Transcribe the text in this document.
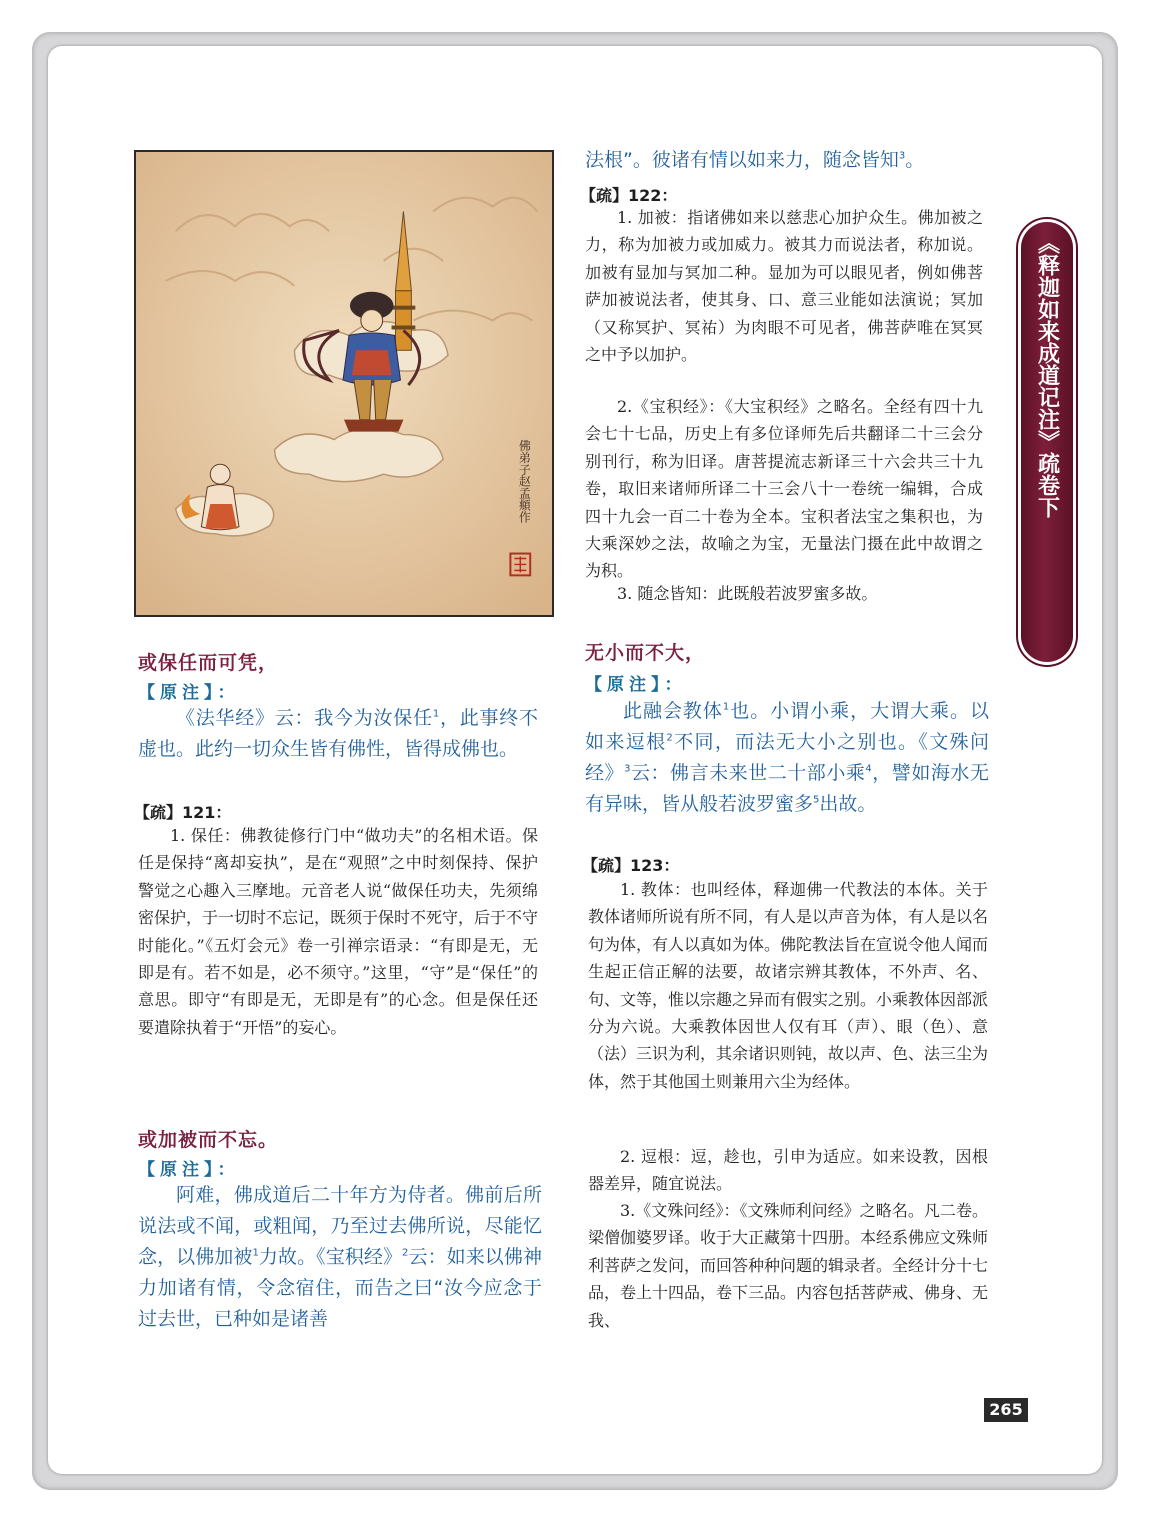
佛弟子赵孟頫作	《释迦如来成道记注》疏卷下
法根”。彼诸有情以如来力，随念皆知$^3$。
【疏】122：
1. 加被：指诸佛如来以慈悲心加护众生。佛加被之力，称为加被力或加威力。被其力而说法者，称加说。加被有显加与冥加二种。显加为可以眼见者，例如佛菩萨加被说法者，使其身、口、意三业能如法演说；冥加（又称冥护、冥祐）为肉眼不可见者，佛菩萨唯在冥冥之中予以加护。
2.《宝积经》：《大宝积经》之略名。全经有四十九会七十七品，历史上有多位译师先后共翻译二十三会分别刊行，称为旧译。唐菩提流志新译三十六会共三十九卷，取旧来诸师所译二十三会八十一卷统一编辑，合成四十九会一百二十卷为全本。宝积者法宝之集积也，为大乘深妙之法，故喻之为宝，无量法门摄在此中故谓之为积。
3. 随念皆知：此既般若波罗蜜多故。
或保任而可凭，
【原注】：
《法华经》云：我今为汝保任$^1$，此事终不虚也。此约一切众生皆有佛性，皆得成佛也。
【疏】121：
1. 保任：佛教徒修行门中“做功夫”的名相术语。保任是保持“离却妄执”，是在“观照”之中时刻保持、保护警觉之心趣入三摩地。元音老人说“做保任功夫，先须绵密保护，于一切时不忘记，既须于保时不死守，后于不守时能化。”《五灯会元》卷一引禅宗语录：“有即是无，无即是有。若不如是，必不须守。”这里，“守”是“保任”的意思。即守“有即是无，无即是有”的心念。但是保任还要遣除执着于“开悟”的妄心。
或加被而不忘。
【原注】：
阿难，佛成道后二十年方为侍者。佛前后所说法或不闻，或粗闻，乃至过去佛所说，尽能忆念，以佛加被$^1$力故。《宝积经》$^2$云：如来以佛神力加诸有情，令念宿住，而告之曰“汝今应念于过去世，已种如是诸善
无小而不大，
【原注】：
此融会教体$^1$也。小谓小乘，大谓大乘。以如来逗根$^2$不同，而法无大小之别也。《文殊问经》$^3$云：佛言未来世二十部小乘$^4$，譬如海水无有异味，皆从般若波罗蜜多$^5$出故。
【疏】123：
1. 教体：也叫经体，释迦佛一代教法的本体。关于教体诸师所说有所不同，有人是以声音为体，有人是以名句为体，有人以真如为体。佛陀教法旨在宣说令他人闻而生起正信正解的法要，故诸宗辨其教体，不外声、名、句、文等，惟以宗趣之异而有假实之别。小乘教体因部派分为六说。大乘教体因世人仅有耳（声）、眼（色）、意（法）三识为利，其余诸识则钝，故以声、色、法三尘为体，然于其他国土则兼用六尘为经体。
2. 逗根：逗，趁也，引申为适应。如来设教，因根器差异，随宜说法。
3.《文殊问经》：《文殊师利问经》之略名。凡二卷。梁僧伽婆罗译。收于大正藏第十四册。本经系佛应文殊师利菩萨之发问，而回答种种问题的辑录者。全经计分十七品，卷上十四品，卷下三品。内容包括菩萨戒、佛身、无我、
265
